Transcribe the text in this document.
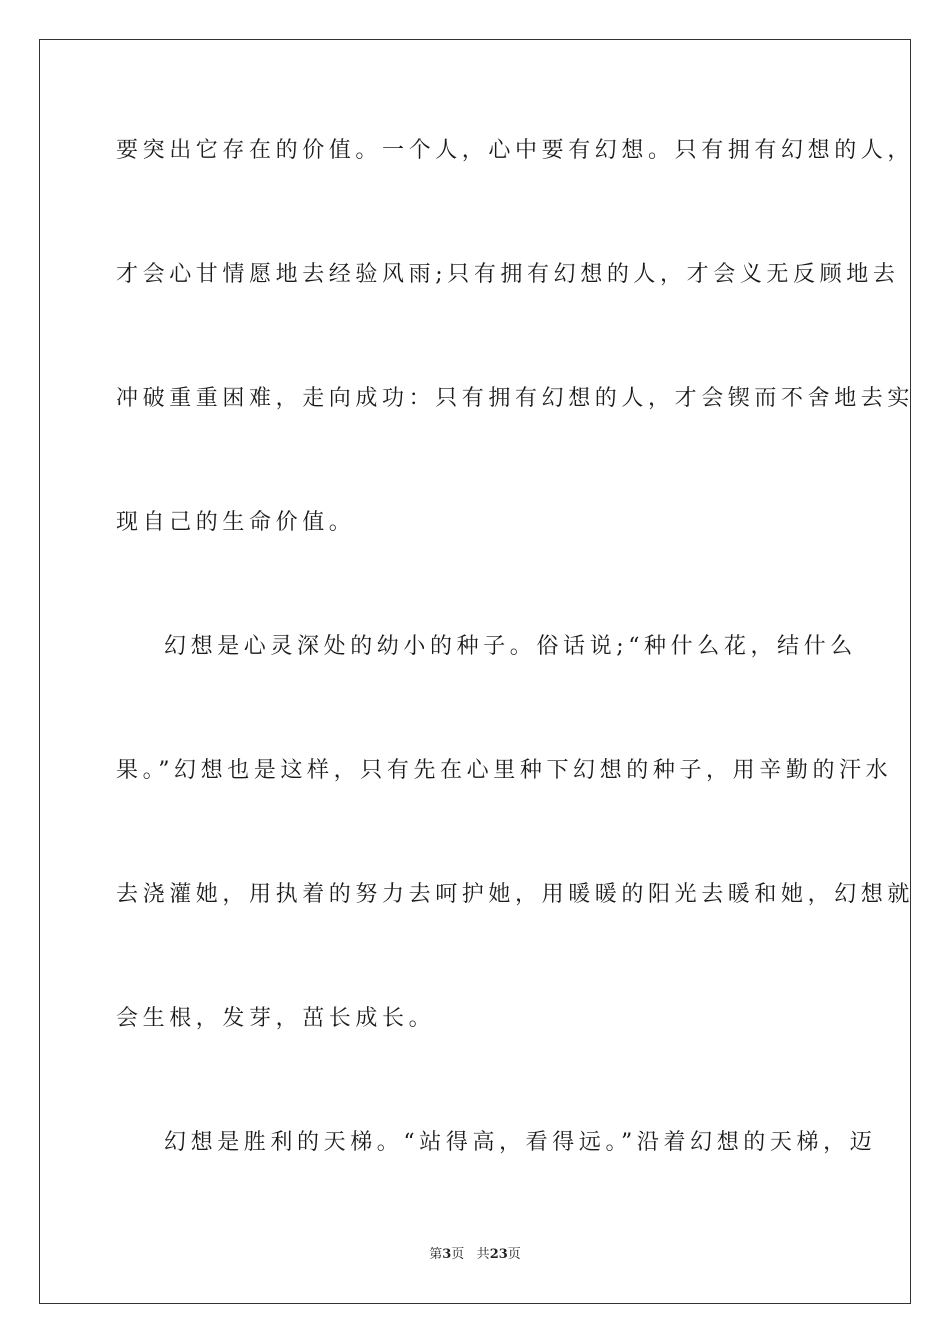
要突出它存在的价值。一个人，心中要有幻想。只有拥有幻想的人，
才会心甘情愿地去经验风雨;只有拥有幻想的人，才会义无反顾地去
冲破重重困难，走向成功：只有拥有幻想的人，才会锲而不舍地去实
现自己的生命价值。
幻想是心灵深处的幼小的种子。俗话说;“种什么花，结什么
果。”幻想也是这样，只有先在心里种下幻想的种子，用辛勤的汗水
去浇灌她，用执着的努力去呵护她，用暖暖的阳光去暖和她，幻想就
会生根，发芽，茁长成长。
幻想是胜利的天梯。“站得高，看得远。”沿着幻想的天梯，迈
第3页 共23页
